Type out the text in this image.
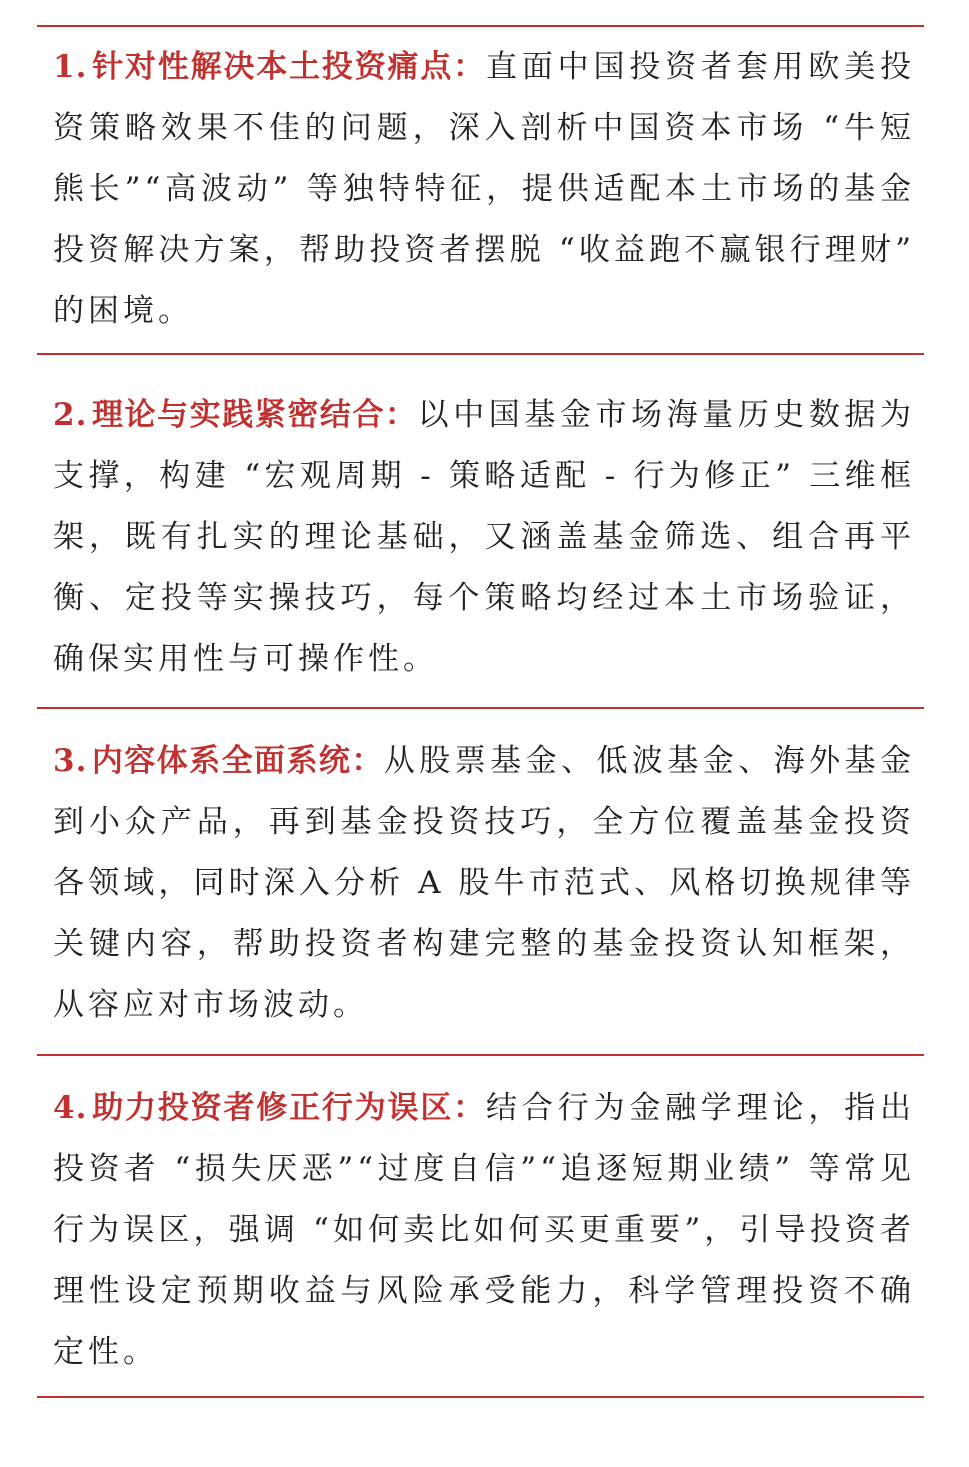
1. 针对性解决本土投资痛点：直面中国投资者套用欧美投资策略效果不佳的问题，深入剖析中国资本市场 “牛短熊长”“高波动” 等独特特征，提供适配本土市场的基金投资解决方案，帮助投资者摆脱 “收益跑不赢银行理财” 的困境。

2. 理论与实践紧密结合：以中国基金市场海量历史数据为支撑，构建 “宏观周期 - 策略适配 - 行为修正” 三维框架，既有扎实的理论基础，又涵盖基金筛选、组合再平衡、定投等实操技巧，每个策略均经过本土市场验证，确保实用性与可操作性。

3. 内容体系全面系统：从股票基金、低波基金、海外基金到小众产品，再到基金投资技巧，全方位覆盖基金投资各领域，同时深入分析 A 股牛市范式、风格切换规律等关键内容，帮助投资者构建完整的基金投资认知框架，从容应对市场波动。

4. 助力投资者修正行为误区：结合行为金融学理论，指出投资者 “损失厌恶”“过度自信”“追逐短期业绩” 等常见行为误区，强调 “如何卖比如何买更重要”，引导投资者理性设定预期收益与风险承受能力，科学管理投资不确定性。
